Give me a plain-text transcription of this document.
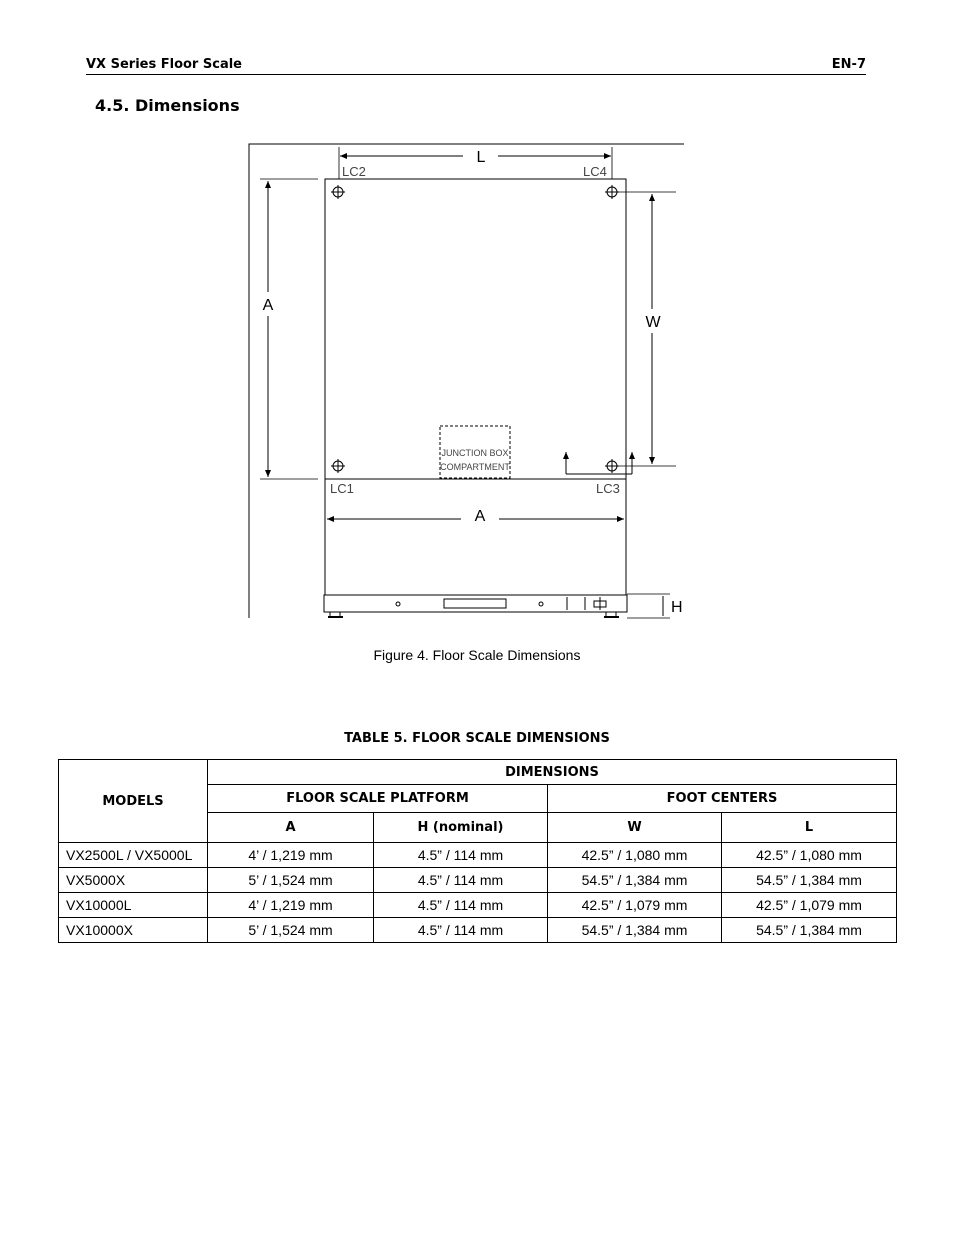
VX Series Floor Scale	EN-7
4.5. Dimensions
L
A
W
A
H
LC2	LC4
LC1	LC3
JUNCTION BOX
COMPARTMENT
Figure 4. Floor Scale Dimensions
TABLE 5. FLOOR SCALE DIMENSIONS
MODELS	DIMENSIONS			
	FLOOR SCALE PLATFORM		FOOT CENTERS	
	A	H (nominal)	W	L
VX2500L / VX5000L	4’ / 1,219 mm	4.5” / 114 mm	42.5” / 1,080 mm	42.5” / 1,080 mm
VX5000X	5’ / 1,524 mm	4.5” / 114 mm	54.5” / 1,384 mm	54.5” / 1,384 mm
VX10000L	4’ / 1,219 mm	4.5” / 114 mm	42.5” / 1,079 mm	42.5” / 1,079 mm
VX10000X	5’ / 1,524 mm	4.5” / 114 mm	54.5” / 1,384 mm	54.5” / 1,384 mm
